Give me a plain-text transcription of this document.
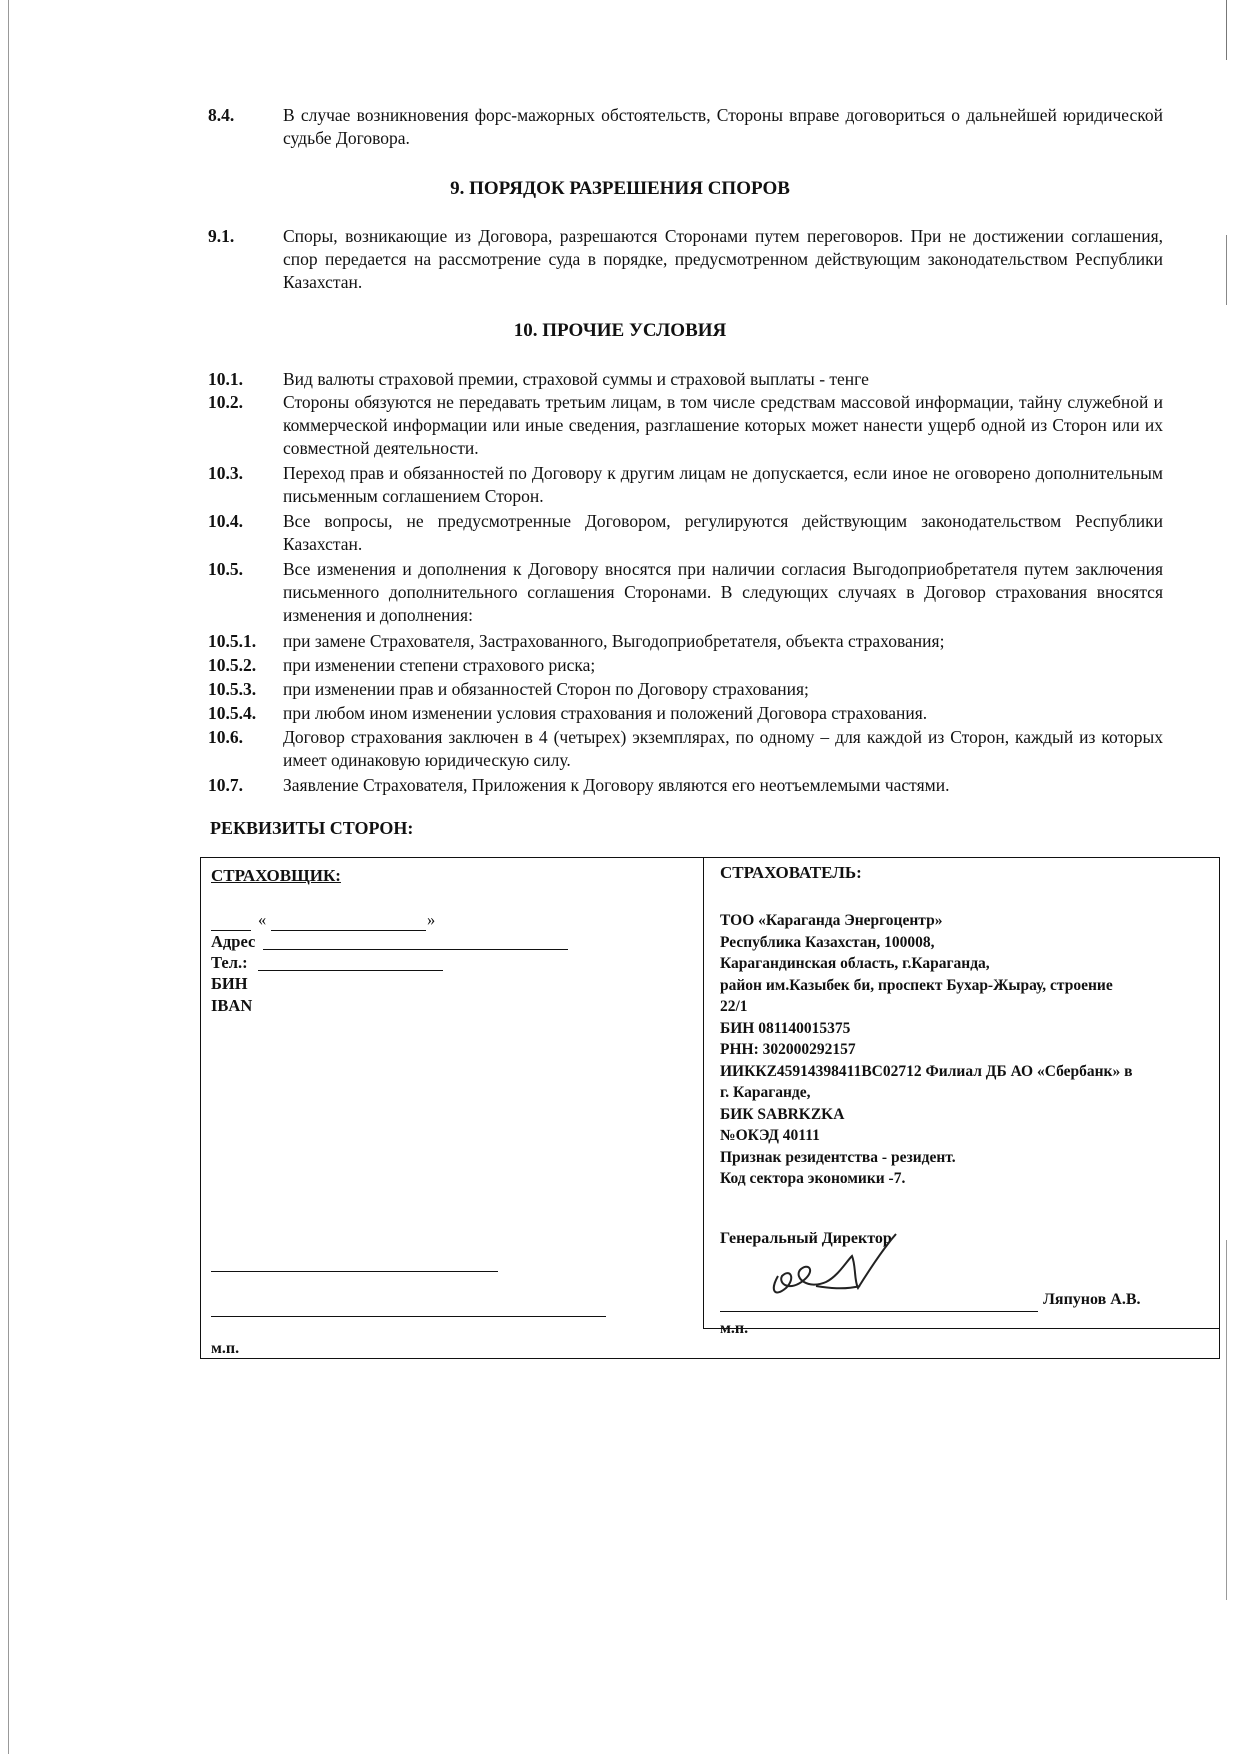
8.4.	В случае возникновения форс-мажорных обстоятельств, Стороны вправе договориться о дальнейшей юридической судьбе Договора.
9. ПОРЯДОК РАЗРЕШЕНИЯ СПОРОВ
9.1.	Споры, возникающие из Договора, разрешаются Сторонами путем переговоров. При не достижении соглашения, спор передается на рассмотрение суда в порядке, предусмотренном действующим законодательством Республики Казахстан.
10. ПРОЧИЕ УСЛОВИЯ
10.1. Вид валюты страховой премии, страховой суммы и страховой выплаты - тенге
10.2. Стороны обязуются не передавать третьим лицам, в том числе средствам массовой информации, тайну служебной и коммерческой информации или иные сведения, разглашение которых может нанести ущерб одной из Сторон или их совместной деятельности.
10.3. Переход прав и обязанностей по Договору к другим лицам не допускается, если иное не оговорено дополнительным письменным соглашением Сторон.
10.4. Все вопросы, не предусмотренные Договором, регулируются действующим законодательством Республики Казахстан.
10.5. Все изменения и дополнения к Договору вносятся при наличии согласия Выгодоприобретателя путем заключения письменного дополнительного соглашения Сторонами. В следующих случаях в Договор страхования вносятся изменения и дополнения:
10.5.1. при замене Страхователя, Застрахованного, Выгодоприобретателя, объекта страхования;
10.5.2. при изменении степени страхового риска;
10.5.3. при изменении прав и обязанностей Сторон по Договору страхования;
10.5.4. при любом ином изменении условия страхования и положений Договора страхования.
10.6. Договор страхования заключен в 4 (четырех) экземплярах, по одному – для каждой из Сторон, каждый из которых имеет одинаковую юридическую силу.
10.7. Заявление Страхователя, Приложения к Договору являются его неотъемлемыми частями.
РЕКВИЗИТЫ СТОРОН:
СТРАХОВЩИК:
«	»
Адрес
Тел.:
БИН
IBAN
м.п.
СТРАХОВАТЕЛЬ:
ТОО «Караганда Энергоцентр»
Республика Казахстан, 100008,
Карагандинская область, г.Караганда,
район им.Казыбек би, проспект Бухар-Жырау, строение
22/1
БИН 081140015375
РНН: 302000292157
ИИККZ45914398411ВС02712 Филиал ДБ АО «Сбербанк» в
г. Караганде,
БИК SABRKZKA
№ОКЭД 40111
Признак резидентства - резидент.
Код сектора экономики -7.
Генеральный Директор
Ляпунов А.В.
м.п.
